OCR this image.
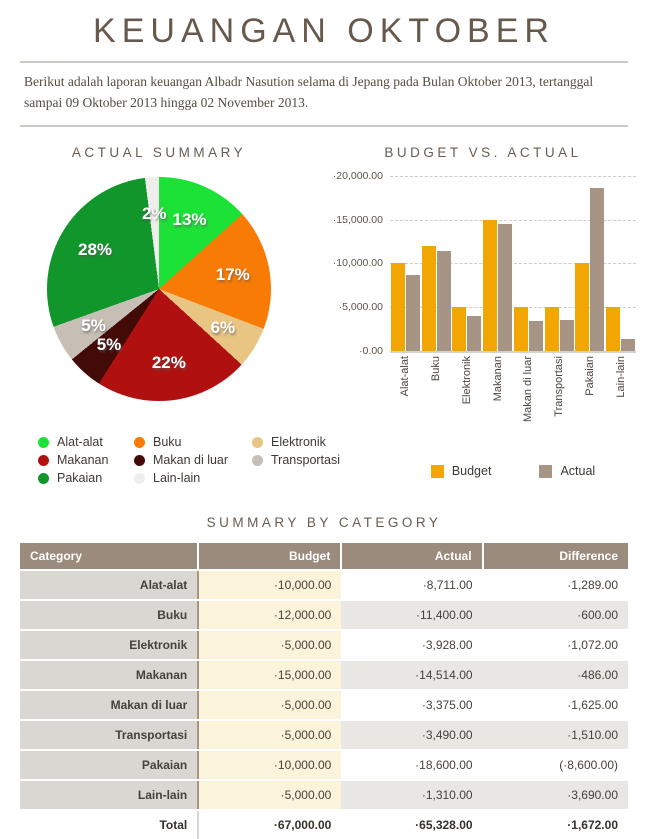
KEUANGAN OKTOBER

Berikut adalah laporan keuangan Albadr Nasution selama di Jepang pada Bulan Oktober 2013, tertanggal sampai 09 Oktober 2013 hingga 02 November 2013.

ACTUAL SUMMARY
13%
17%
6%
22%
5%
5%
28%
2%
Alat-alat	Buku	Elektronik
Makanan	Makan di luar	Transportasi
Pakaian	Lain-lain
BUDGET VS. ACTUAL
·20,000.00
·15,000.00
·10,000.00
·5,000.00
·0.00
Alat-alat Buku Elektronik Makanan Makan di luar Transportasi Pakaian Lain-lain
Budget	Actual
SUMMARY BY CATEGORY
Category	Budget	Actual	Difference
Alat-alat	·10,000.00	·8,711.00	·1,289.00
Buku	·12,000.00	·11,400.00	·600.00
Elektronik	·5,000.00	·3,928.00	·1,072.00
Makanan	·15,000.00	·14,514.00	·486.00
Makan di luar	·5,000.00	·3,375.00	·1,625.00
Transportasi	·5,000.00	·3,490.00	·1,510.00
Pakaian	·10,000.00	·18,600.00	(·8,600.00)
Lain-lain	·5,000.00	·1,310.00	·3,690.00
Total	·67,000.00	·65,328.00	·1,672.00
